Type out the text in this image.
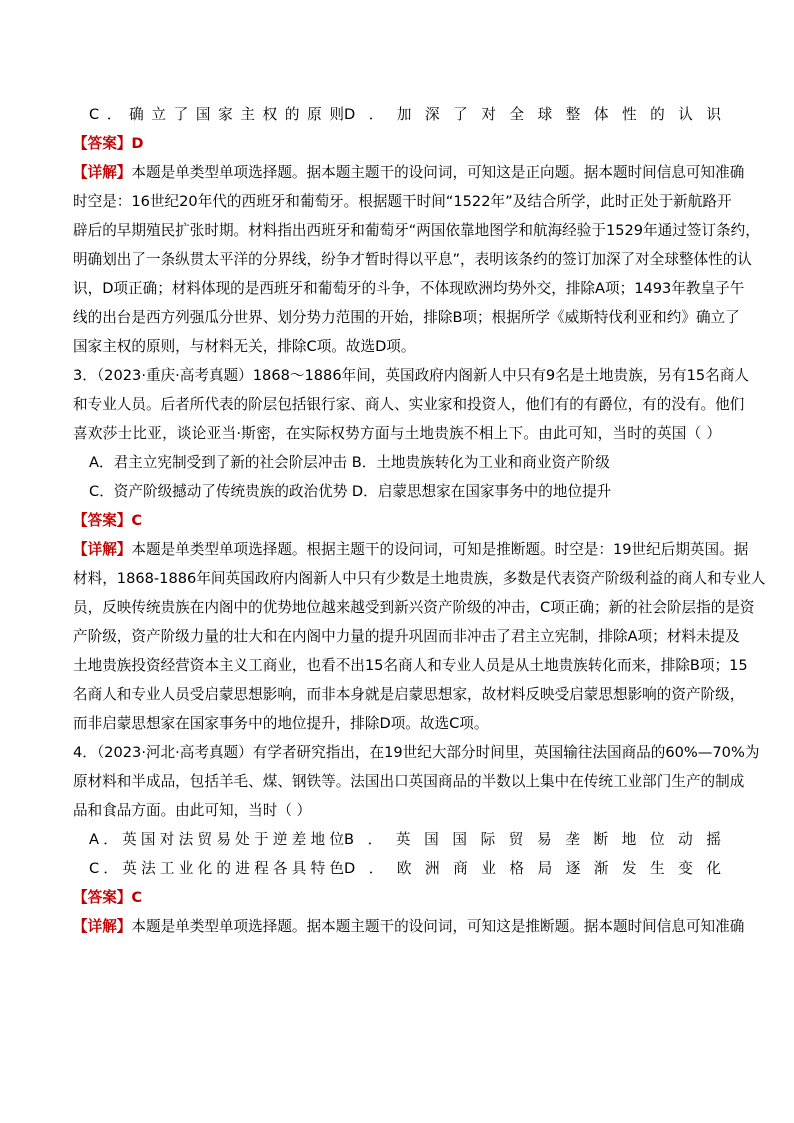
C．确立了国家主权的原则 D．加深了对全球整体性的认识
【答案】D
【详解】本题是单类型单项选择题。据本题主题干的设问词，可知这是正向题。据本题时间信息可知准确
时空是：16世纪20年代的西班牙和葡萄牙。根据题干时间“1522年”及结合所学，此时正处于新航路开
辟后的早期殖民扩张时期。材料指出西班牙和葡萄牙“两国依靠地图学和航海经验于1529年通过签订条约，
明确划出了一条纵贯太平洋的分界线，纷争才暂时得以平息”，表明该条约的签订加深了对全球整体性的认
识，D项正确；材料体现的是西班牙和葡萄牙的斗争，不体现欧洲均势外交，排除A项；1493年教皇子午
线的出台是西方列强瓜分世界、划分势力范围的开始，排除B项；根据所学《威斯特伐利亚和约》确立了
国家主权的原则，与材料无关，排除C项。故选D项。
3．（2023·重庆·高考真题）1868～1886年间，英国政府内阁新人中只有9名是土地贵族，另有15名商人
和专业人员。后者所代表的阶层包括银行家、商人、实业家和投资人，他们有的有爵位，有的没有。他们
喜欢莎士比亚，谈论亚当·斯密，在实际权势方面与土地贵族不相上下。由此可知，当时的英国（ ）
A．君主立宪制受到了新的社会阶层冲击 B．土地贵族转化为工业和商业资产阶级
C．资产阶级撼动了传统贵族的政治优势 D．启蒙思想家在国家事务中的地位提升
【答案】C
【详解】本题是单类型单项选择题。根据主题干的设问词，可知是推断题。时空是：19世纪后期英国。据
材料，1868-1886年间英国政府内阁新人中只有少数是土地贵族，多数是代表资产阶级利益的商人和专业人
员，反映传统贵族在内阁中的优势地位越来越受到新兴资产阶级的冲击，C项正确；新的社会阶层指的是资
产阶级，资产阶级力量的壮大和在内阁中力量的提升巩固而非冲击了君主立宪制，排除A项；材料未提及
土地贵族投资经营资本主义工商业，也看不出15名商人和专业人员是从土地贵族转化而来，排除B项；15
名商人和专业人员受启蒙思想影响，而非本身就是启蒙思想家，故材料反映受启蒙思想影响的资产阶级，
而非启蒙思想家在国家事务中的地位提升，排除D项。故选C项。
4．（2023·河北·高考真题）有学者研究指出，在19世纪大部分时间里，英国输往法国商品的60%—70%为
原材料和半成品，包括羊毛、煤、钢铁等。法国出口英国商品的半数以上集中在传统工业部门生产的制成
品和食品方面。由此可知，当时（ ）
A．英国对法贸易处于逆差地位 B．英国国际贸易垄断地位动摇
C．英法工业化的进程各具特色 D．欧洲商业格局逐渐发生变化
【答案】C
【详解】本题是单类型单项选择题。据本题主题干的设问词，可知这是推断题。据本题时间信息可知准确
